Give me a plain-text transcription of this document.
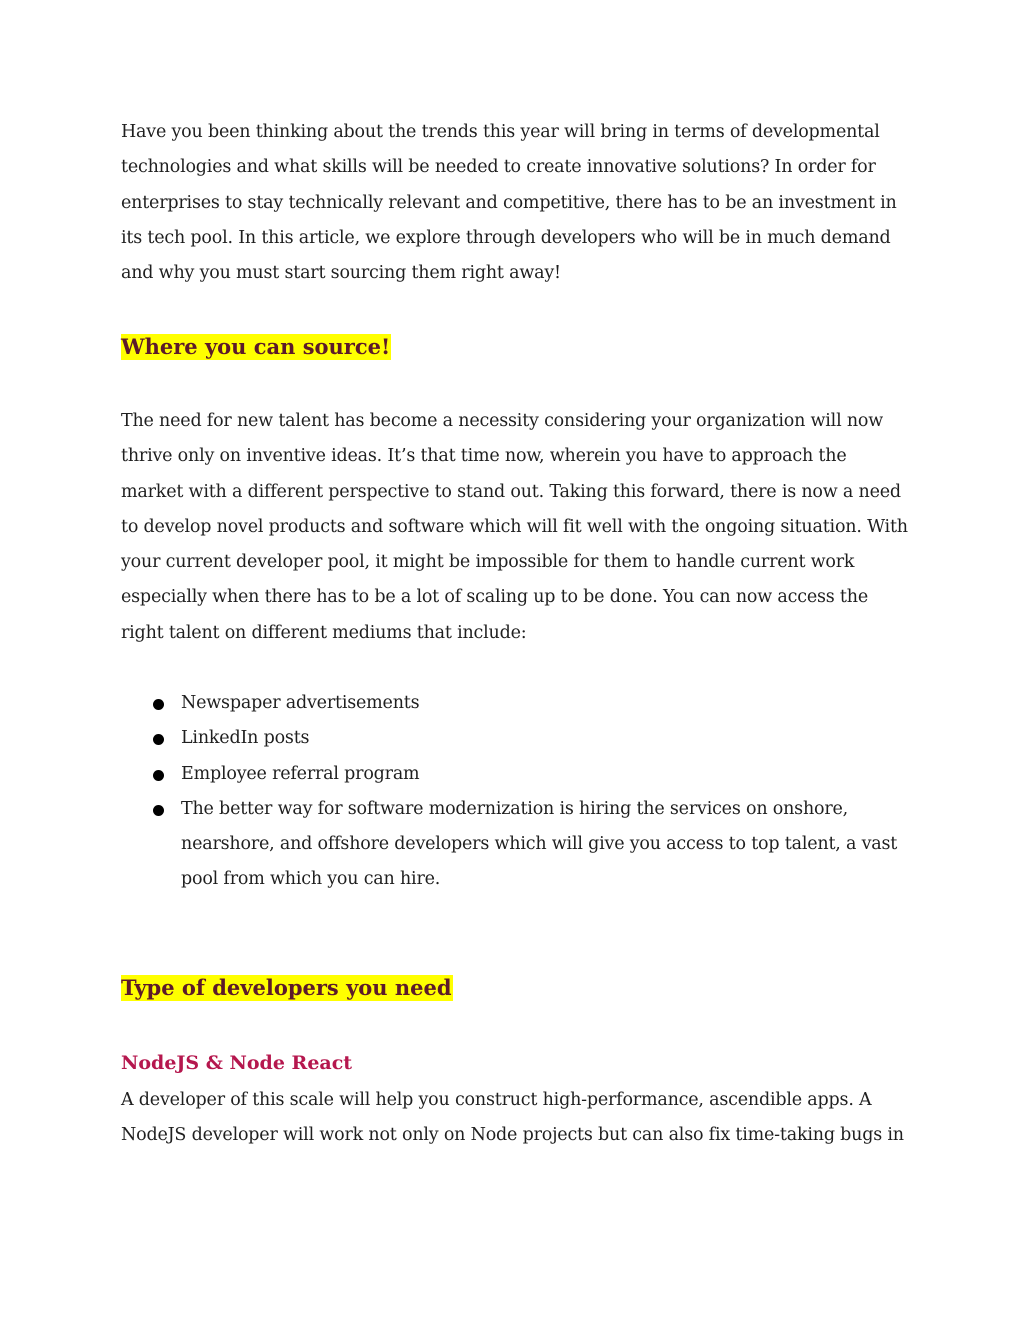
Have you been thinking about the trends this year will bring in terms of developmental technologies and what skills will be needed to create innovative solutions? In order for enterprises to stay technically relevant and competitive, there has to be an investment in its tech pool. In this article, we explore through developers who will be in much demand and why you must start sourcing them right away!

Where you can source!

The need for new talent has become a necessity considering your organization will now thrive only on inventive ideas. It’s that time now, wherein you have to approach the market with a different perspective to stand out. Taking this forward, there is now a need to develop novel products and software which will fit well with the ongoing situation. With your current developer pool, it might be impossible for them to handle current work especially when there has to be a lot of scaling up to be done. You can now access the right talent on different mediums that include:

Newspaper advertisements
LinkedIn posts
Employee referral program
The better way for software modernization is hiring the services on onshore, nearshore, and offshore developers which will give you access to top talent, a vast pool from which you can hire.
Type of developers you need
NodeJS & Node React

A developer of this scale will help you construct high-performance, ascendible apps. A NodeJS developer will work not only on Node projects but can also fix time-taking bugs in
